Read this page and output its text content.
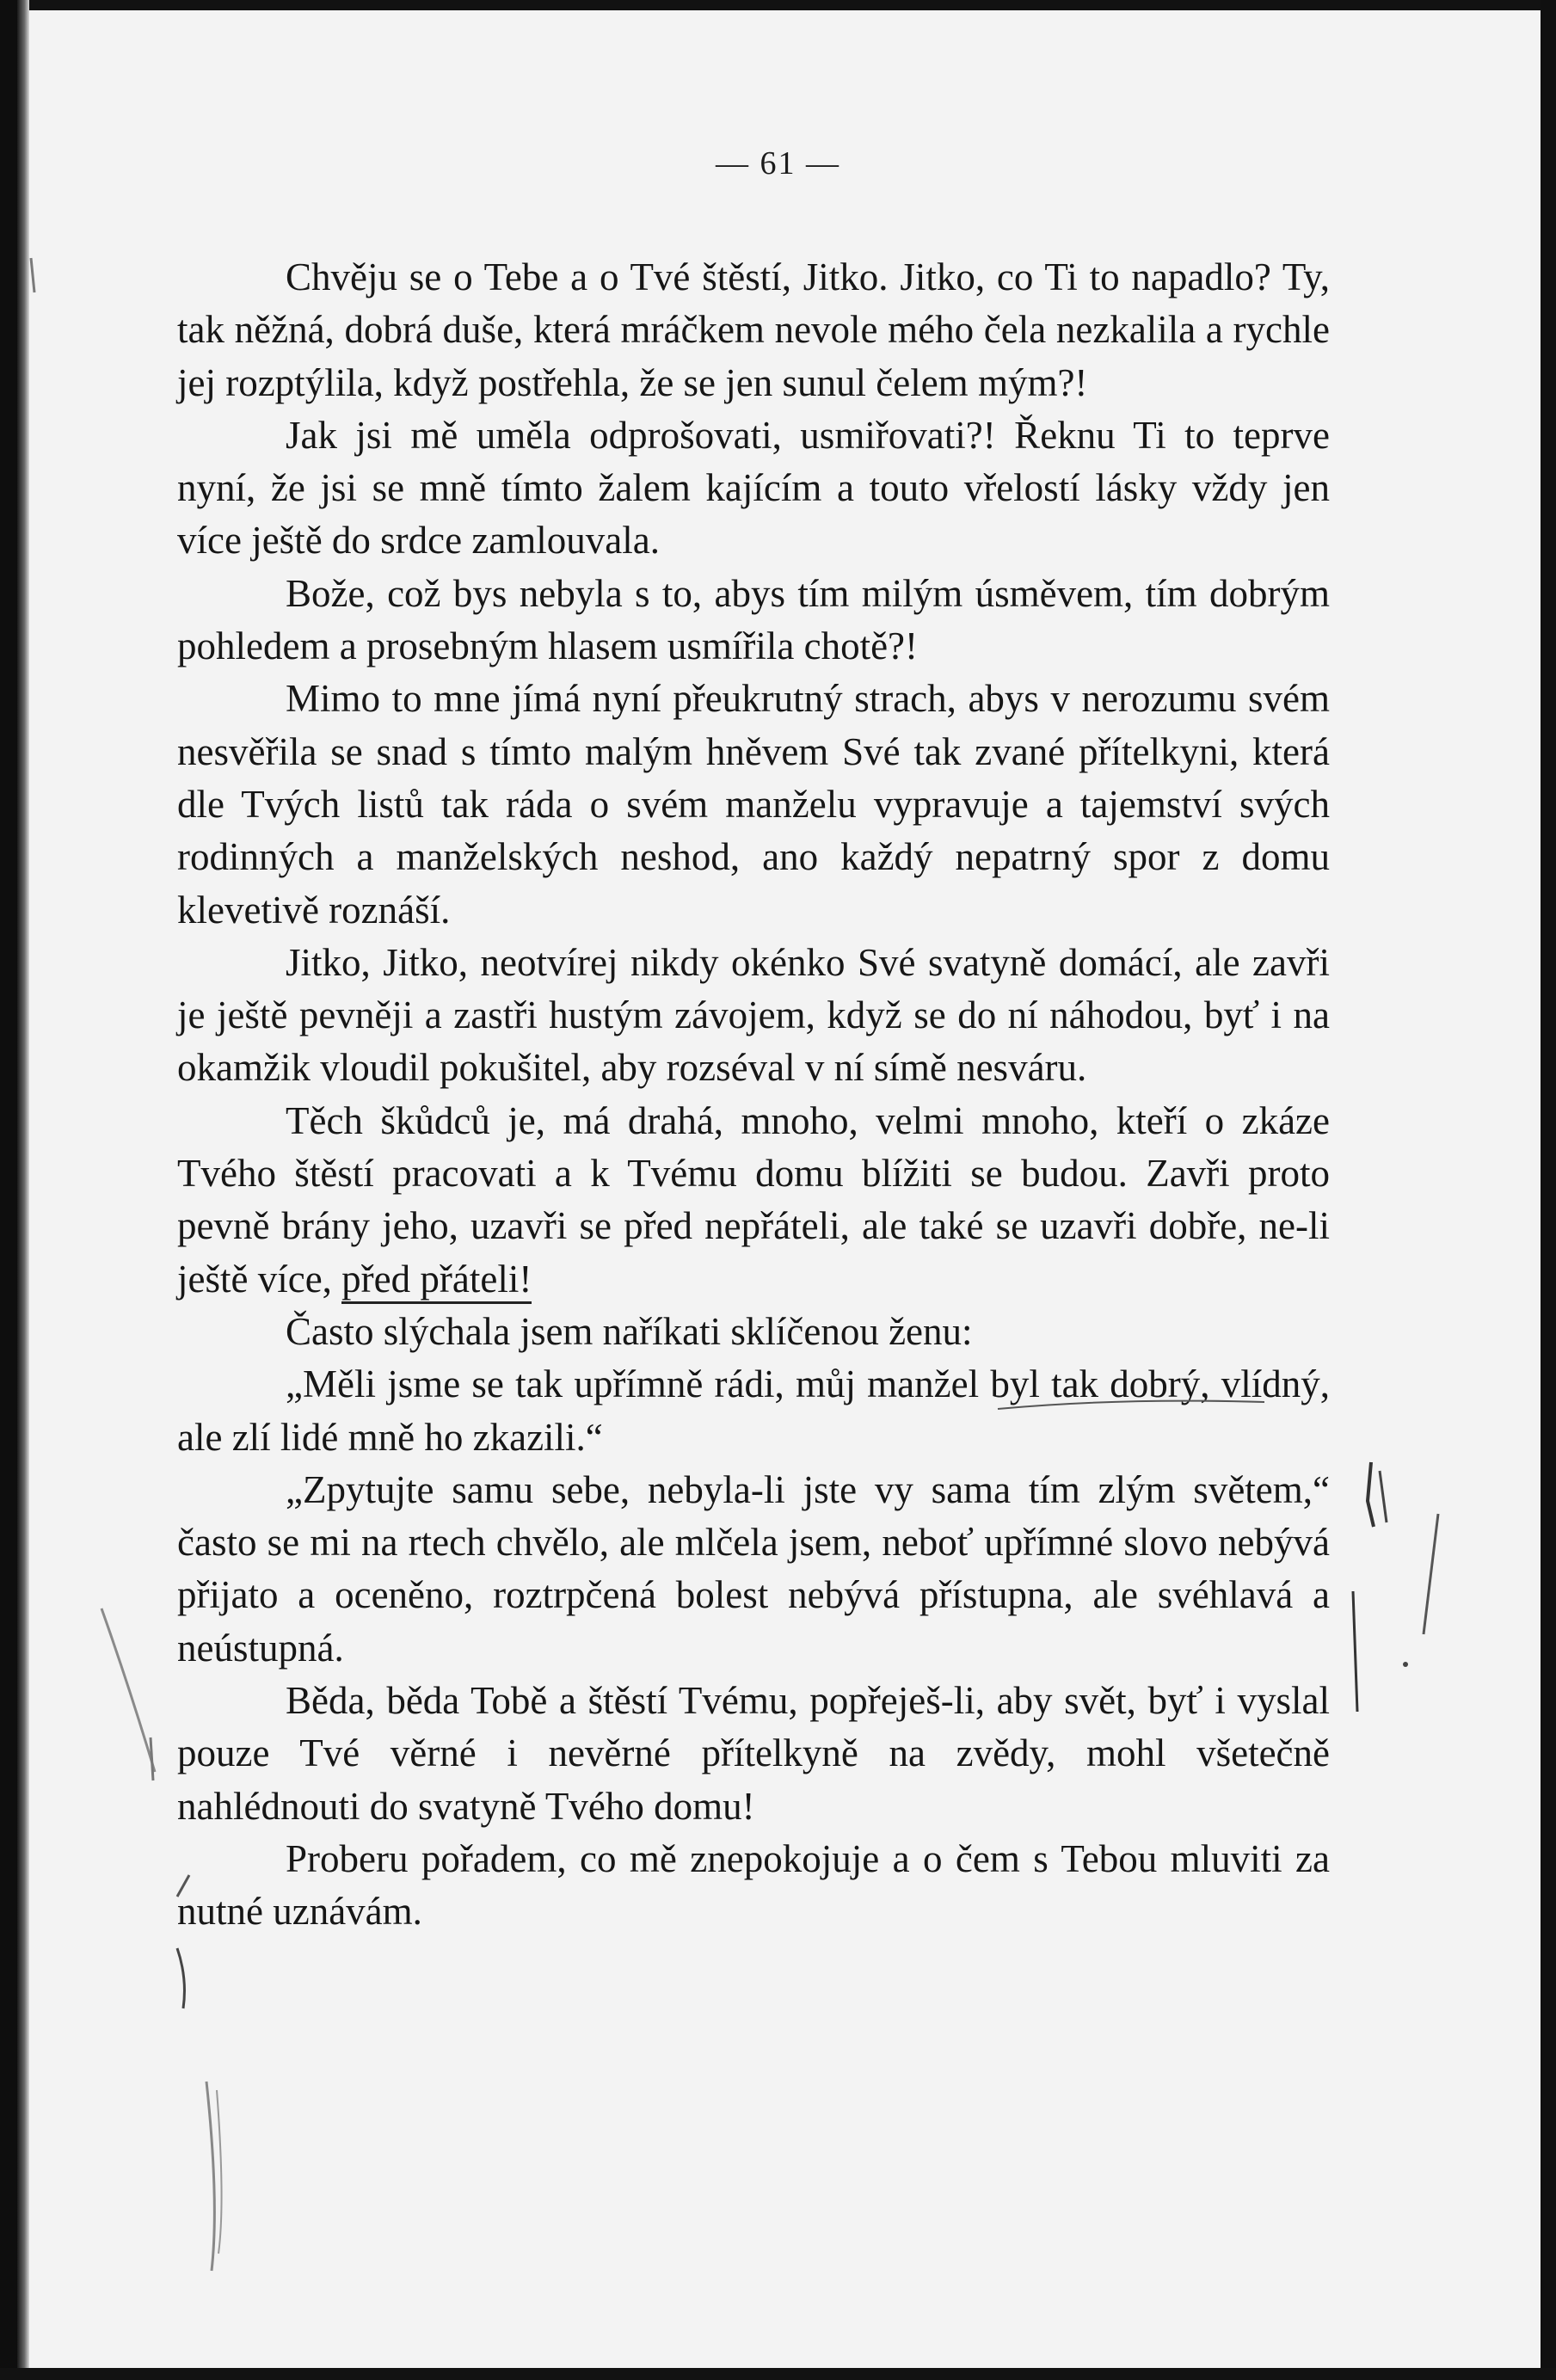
— 61 —

Chvěju se o Tebe a o Tvé štěstí, Jitko. Jitko, co Ti to napadlo? Ty, tak něžná, dobrá duše, která mráčkem nevole mého čela nezkalila a rychle jej rozptýlila, když postřehla, že se jen sunul čelem mým?!

Jak jsi mě uměla odprošovati, usmiřovati?! Řeknu Ti to teprve nyní, že jsi se mně tímto žalem kajícím a touto vřelostí lásky vždy jen více ještě do srdce zamlouvala.

Bože, což bys nebyla s to, abys tím milým úsměvem, tím dobrým pohledem a prosebným hlasem usmířila chotě?!

Mimo to mne jímá nyní přeukrutný strach, abys v nerozumu svém nesvěřila se snad s tímto malým hněvem Své tak zvané přítelkyni, která dle Tvých listů tak ráda o svém manželu vypravuje a tajemství svých rodinných a manželských neshod, ano každý nepatrný spor z domu klevetivě roznáší.

Jitko, Jitko, neotvírej nikdy okénko Své svatyně domácí, ale zavři je ještě pevněji a zastři hustým závojem, když se do ní náhodou, byť i na okamžik vloudil pokušitel, aby rozséval v ní símě nesváru.

Těch škůdců je, má drahá, mnoho, velmi mnoho, kteří o zkáze Tvého štěstí pracovati a k Tvému domu blížiti se budou. Zavři proto pevně brány jeho, uzavři se před nepřáteli, ale také se uzavři dobře, ne-li ještě více, před přáteli!

Často slýchala jsem naříkati sklíčenou ženu:

„Měli jsme se tak upřímně rádi, můj manžel byl tak dobrý, vlídný, ale zlí lidé mně ho zkazili.“

„Zpytujte samu sebe, nebyla-li jste vy sama tím zlým světem,“ často se mi na rtech chvělo, ale mlčela jsem, neboť upřímné slovo nebývá přijato a oceněno, roztrpčená bolest nebývá přístupna, ale svéhlavá a neústupná.

Běda, běda Tobě a štěstí Tvému, popřeješ-li, aby svět, byť i vyslal pouze Tvé věrné i nevěrné přítelkyně na zvědy, mohl všetečně nahlédnouti do svatyně Tvého domu!

Proberu pořadem, co mě znepokojuje a o čem s Tebou mluviti za nutné uznávám.
